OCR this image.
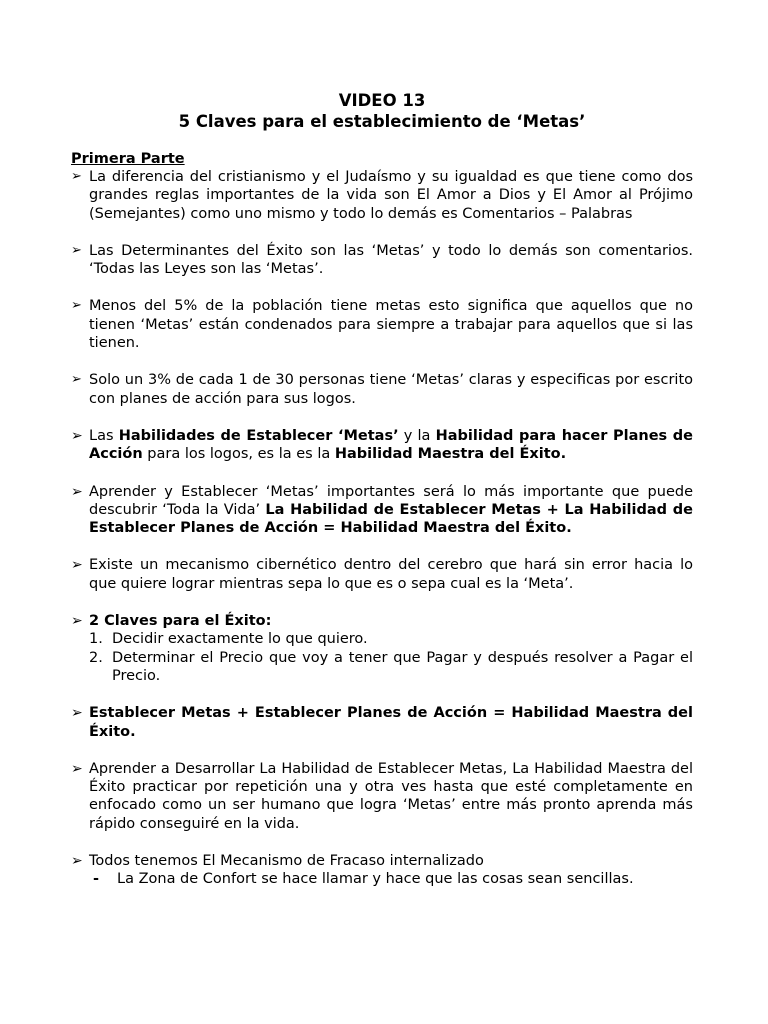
VIDEO 13
5 Claves para el establecimiento de ‘Metas’
Primera Parte
➢ La diferencia del cristianismo y el Judaísmo y su igualdad es que tiene como dos grandes reglas importantes de la vida son El Amor a Dios y El Amor al Prójimo (Semejantes) como uno mismo y todo lo demás es Comentarios – Palabras
➢ Las Determinantes del Éxito son las ‘Metas’ y todo lo demás son comentarios. ‘Todas las Leyes son las ‘Metas’.
➢ Menos del 5% de la población tiene metas esto significa que aquellos que no tienen ‘Metas’ están condenados para siempre a trabajar para aquellos que si las tienen.
➢ Solo un 3% de cada 1 de 30 personas tiene ‘Metas’ claras y especificas por escrito con planes de acción para sus logos.
➢ Las Habilidades de Establecer ‘Metas’ y la Habilidad para hacer Planes de Acción para los logos, es la es la Habilidad Maestra del Éxito.
➢ Aprender y Establecer ‘Metas’ importantes será lo más importante que puede descubrir ‘Toda la Vida’ La Habilidad de Establecer Metas + La Habilidad de Establecer Planes de Acción = Habilidad Maestra del Éxito.
➢ Existe un mecanismo cibernético dentro del cerebro que hará sin error hacia lo que quiere lograr mientras sepa lo que es o sepa cual es la ‘Meta’.
➢ 2 Claves para el Éxito:
1. Decidir exactamente lo que quiero.
2. Determinar el Precio que voy a tener que Pagar y después resolver a Pagar el Precio.
➢ Establecer Metas + Establecer Planes de Acción = Habilidad Maestra del Éxito.
➢ Aprender a Desarrollar La Habilidad de Establecer Metas, La Habilidad Maestra del Éxito practicar por repetición una y otra ves hasta que esté completamente en enfocado como un ser humano que logra ‘Metas’ entre más pronto aprenda más rápido conseguiré en la vida.
➢ Todos tenemos El Mecanismo de Fracaso internalizado
- La Zona de Confort se hace llamar y hace que las cosas sean sencillas.
